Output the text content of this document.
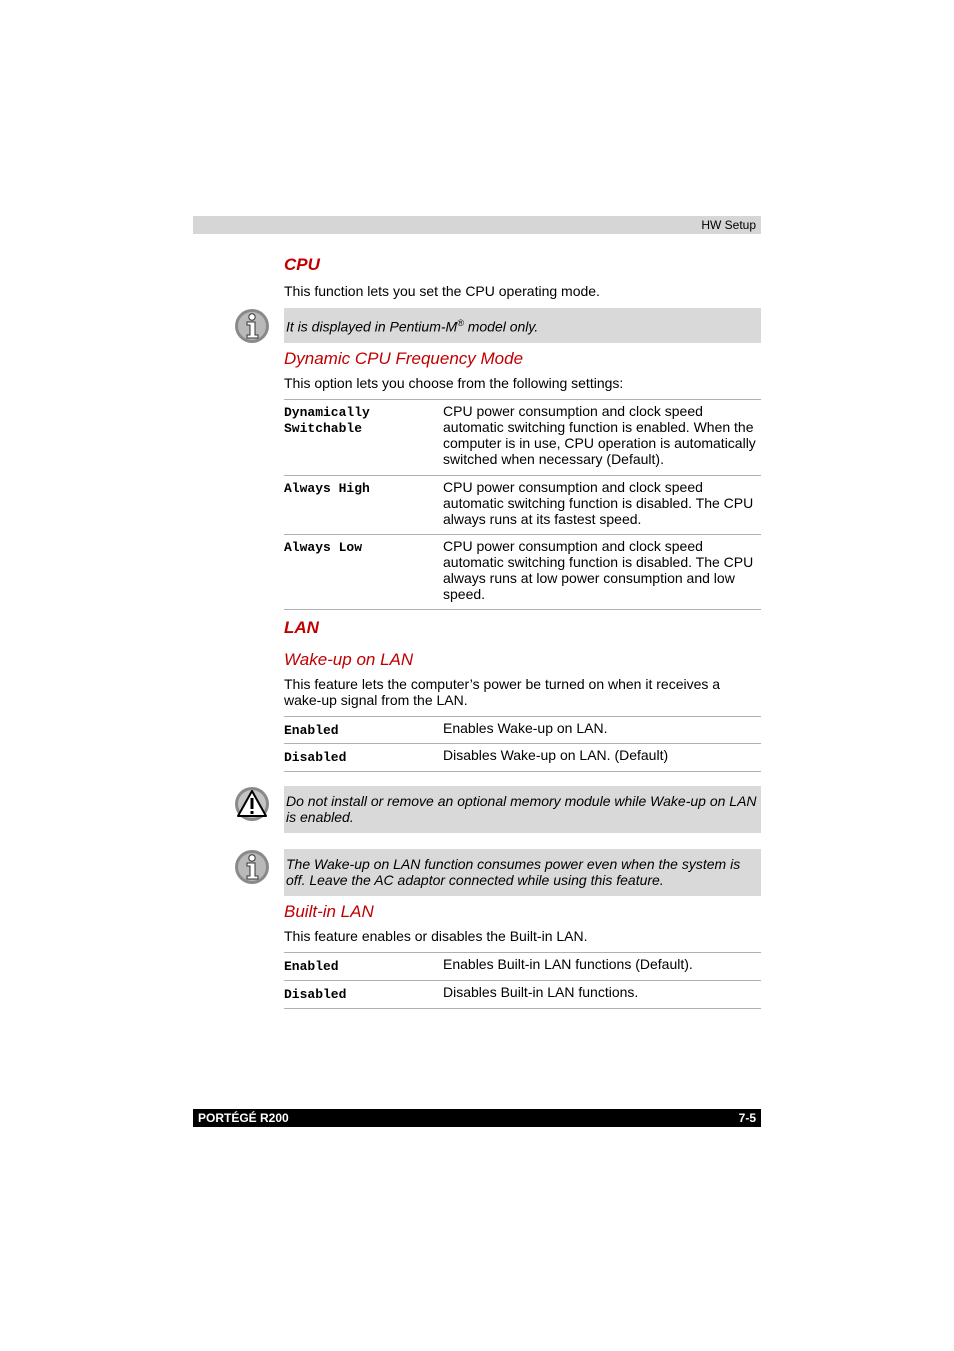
HW Setup
CPU

This function lets you set the CPU operating mode.

It is displayed in Pentium-M® model only.
Dynamic CPU Frequency Mode

This option lets you choose from the following settings:

Dynamically
Switchable	CPU power consumption and clock speed automatic switching function is enabled. When the computer is in use, CPU operation is automatically switched when necessary (Default).
Always High	CPU power consumption and clock speed automatic switching function is disabled. The CPU always runs at its fastest speed.
Always Low	CPU power consumption and clock speed automatic switching function is disabled. The CPU always runs at low power consumption and low speed.
LAN
Wake-up on LAN

This feature lets the computer’s power be turned on when it receives a wake-up signal from the LAN.

Enabled	Enables Wake-up on LAN.
Disabled	Disables Wake-up on LAN. (Default)
Do not install or remove an optional memory module while Wake-up on LAN is enabled.
The Wake-up on LAN function consumes power even when the system is off. Leave the AC adaptor connected while using this feature.
Built-in LAN

This feature enables or disables the Built-in LAN.

Enabled	Enables Built-in LAN functions (Default).
Disabled	Disables Built-in LAN functions.
PORTÉGÉ R200	7-5
